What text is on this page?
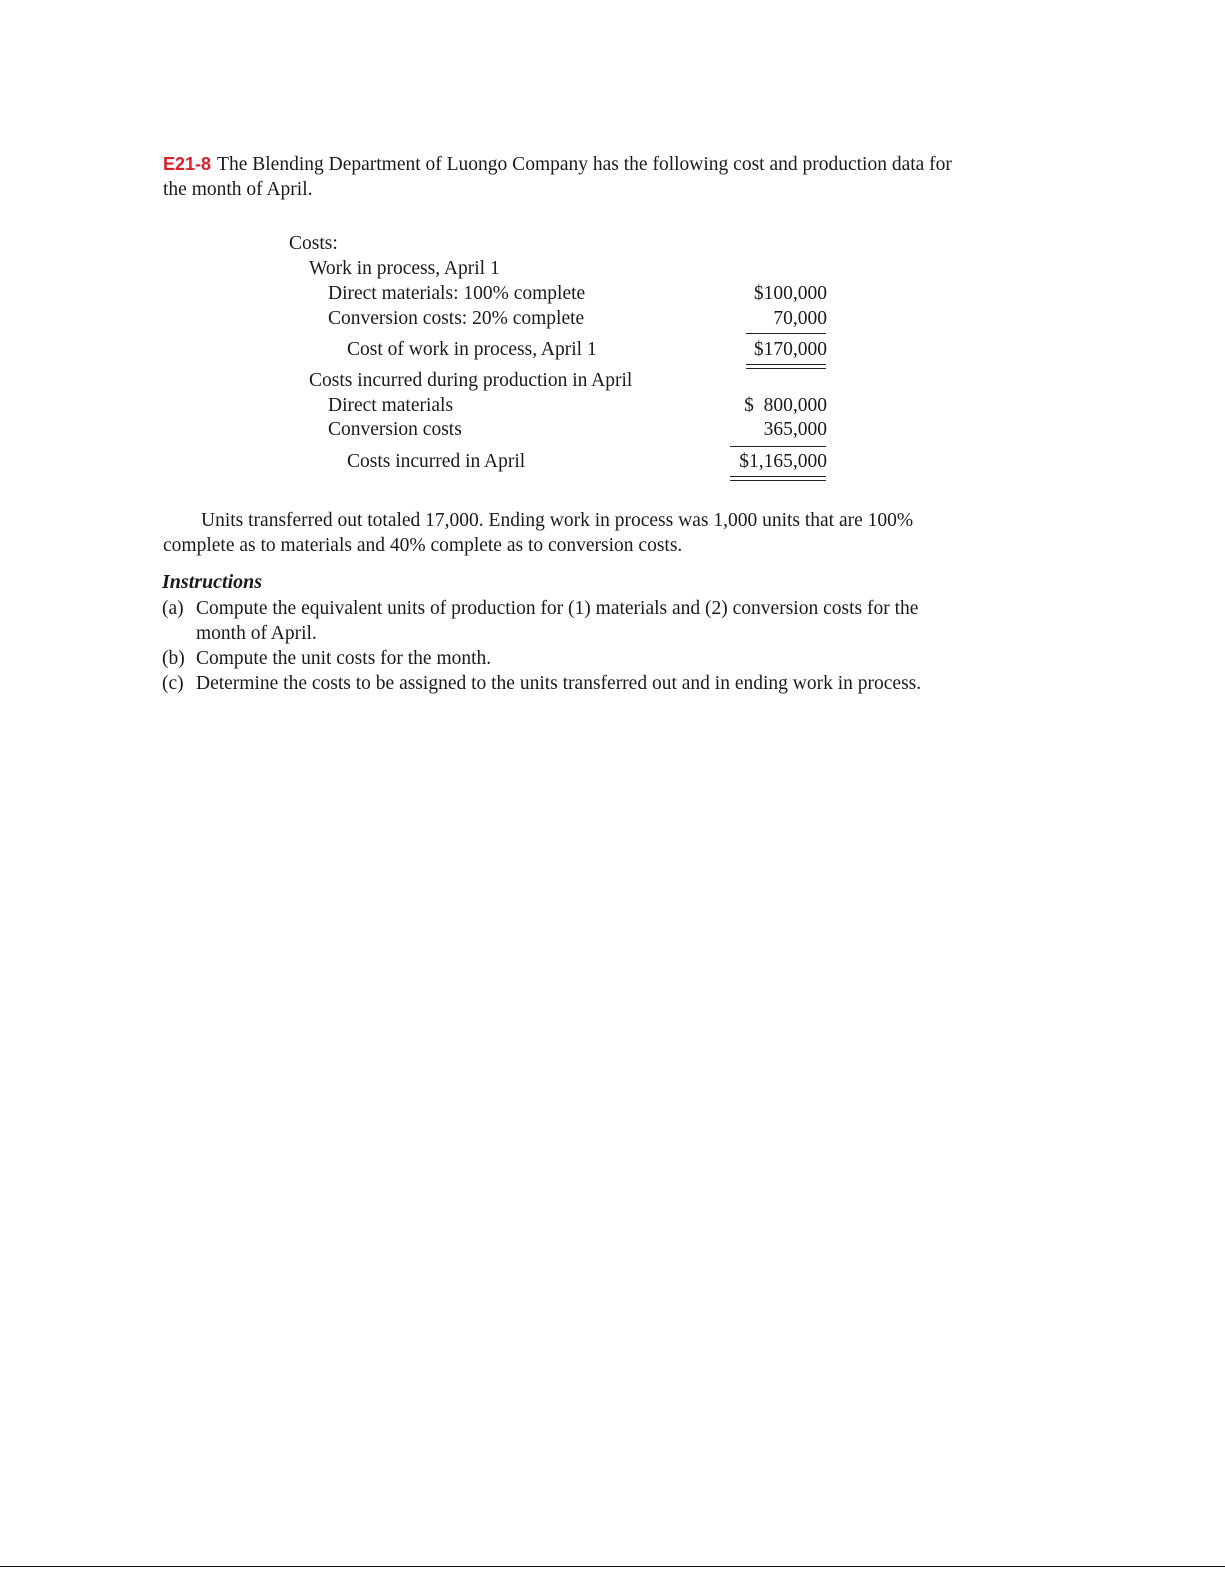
E21-8 The Blending Department of Luongo Company has the following cost and production data for the month of April.
Costs:
Work in process, April 1
Direct materials: 100% complete	$100,000
Conversion costs: 20% complete	70,000
Cost of work in process, April 1	$170,000
Costs incurred during production in April
Direct materials	$  800,000
Conversion costs	365,000
Costs incurred in April	$1,165,000
Units transferred out totaled 17,000. Ending work in process was 1,000 units that are 100% complete as to materials and 40% complete as to conversion costs.
Instructions
(a) Compute the equivalent units of production for (1) materials and (2) conversion costs for the month of April.
(b) Compute the unit costs for the month.
(c) Determine the costs to be assigned to the units transferred out and in ending work in process.
